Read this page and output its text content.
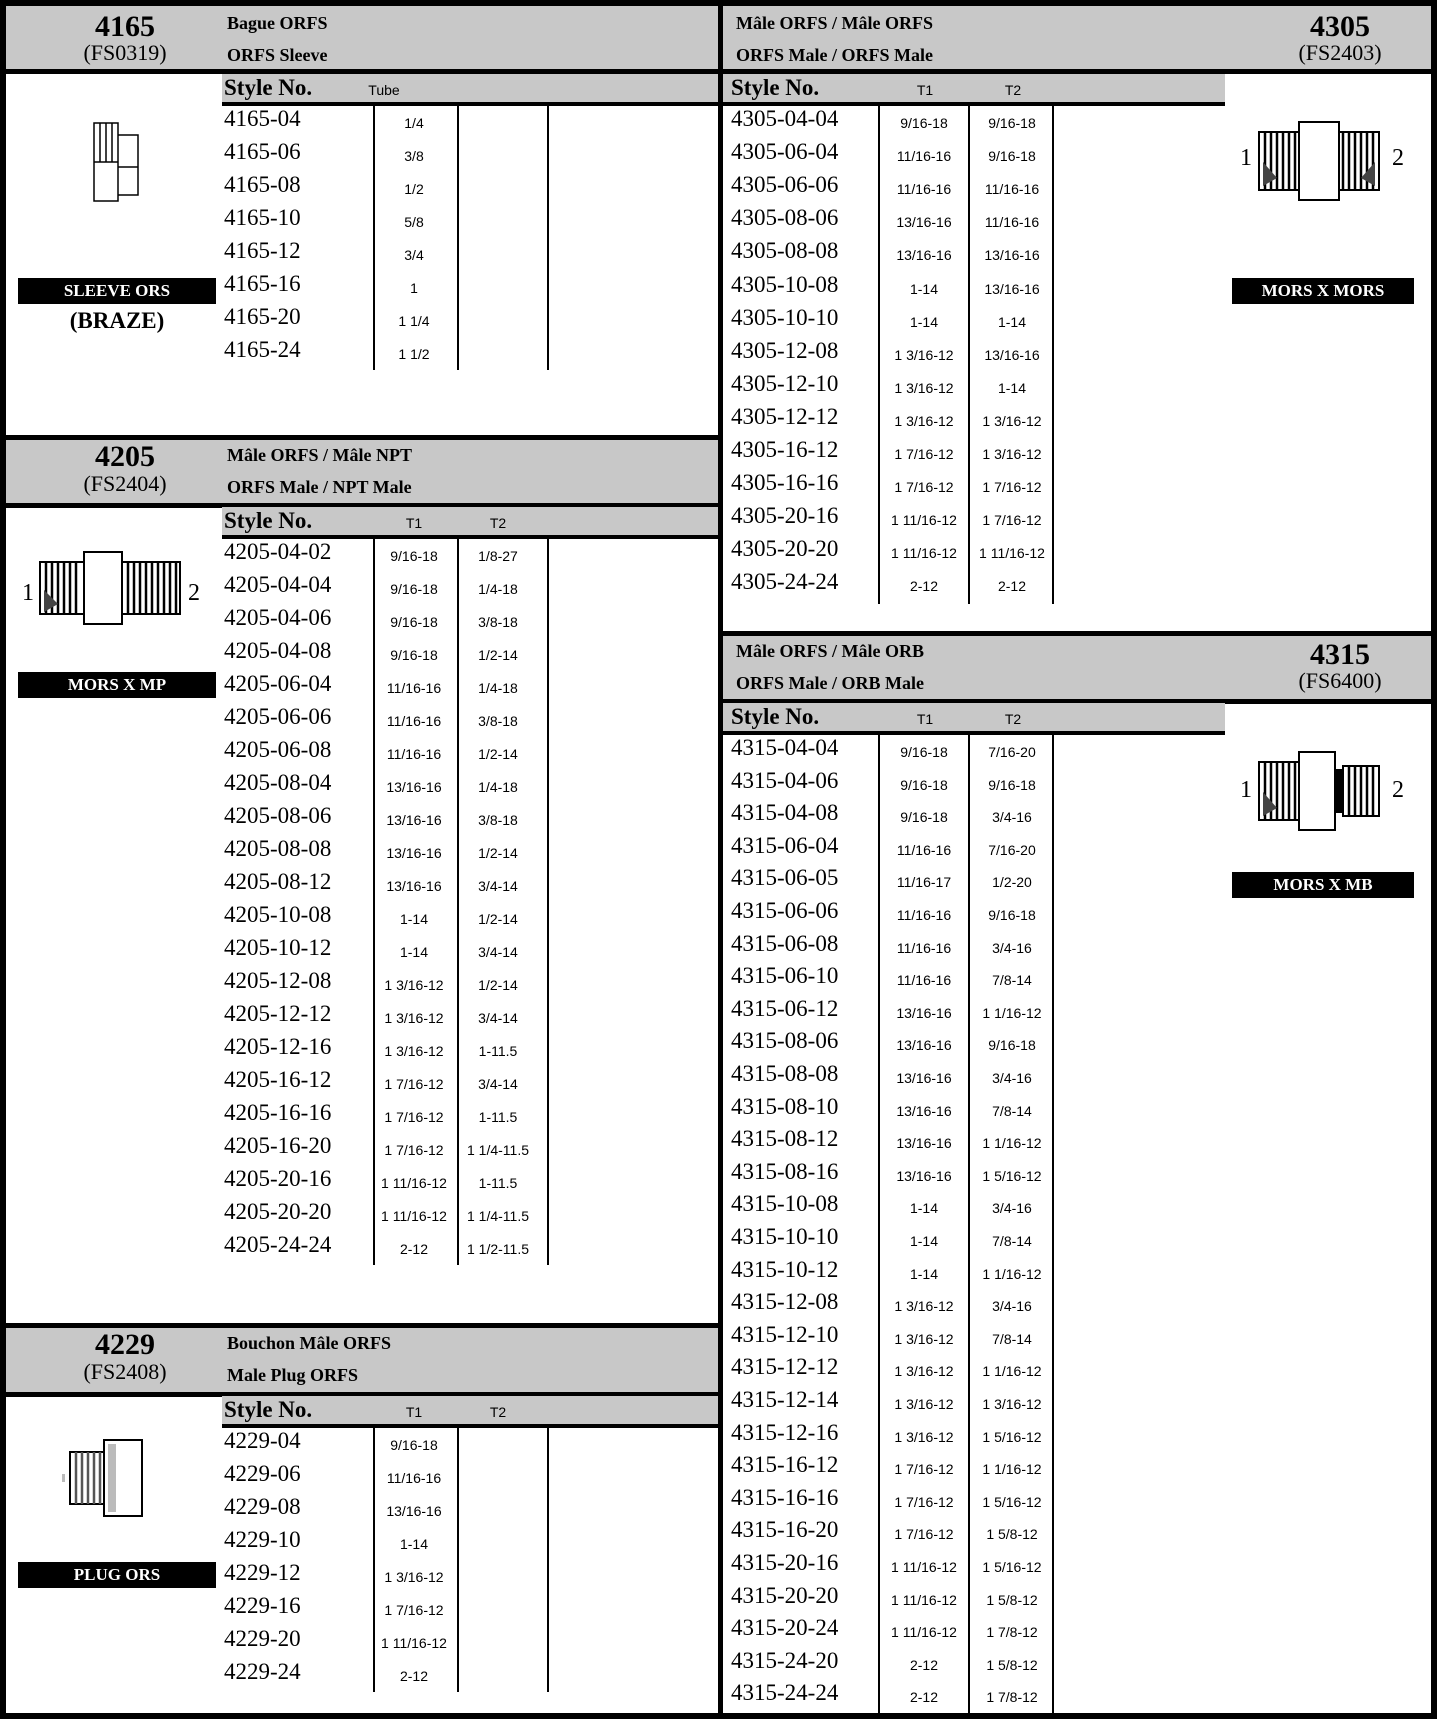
4165
(FS0319)
Bague ORFS
ORFS Sleeve
Style No.	Tube
4165-04	1/4
4165-06	3/8
4165-08	1/2
4165-10	5/8
4165-12	3/4
4165-16	1
4165-20	1 1/4
4165-24	1 1/2
SLEEVE ORS
(BRAZE)
4205
(FS2404)
Mâle ORFS / Mâle NPT
ORFS Male / NPT Male
Style No.	T1	T2
4205-04-02	9/16-18	1/8-27
4205-04-04	9/16-18	1/4-18
4205-04-06	9/16-18	3/8-18
4205-04-08	9/16-18	1/2-14
4205-06-04	11/16-16	1/4-18
4205-06-06	11/16-16	3/8-18
4205-06-08	11/16-16	1/2-14
4205-08-04	13/16-16	1/4-18
4205-08-06	13/16-16	3/8-18
4205-08-08	13/16-16	1/2-14
4205-08-12	13/16-16	3/4-14
4205-10-08	1-14	1/2-14
4205-10-12	1-14	3/4-14
4205-12-08	1 3/16-12	1/2-14
4205-12-12	1 3/16-12	3/4-14
4205-12-16	1 3/16-12	1-11.5
4205-16-12	1 7/16-12	3/4-14
4205-16-16	1 7/16-12	1-11.5
4205-16-20	1 7/16-12	1 1/4-11.5
4205-20-16	1 11/16-12	1-11.5
4205-20-20	1 11/16-12	1 1/4-11.5
4205-24-24	2-12	1 1/2-11.5
1	2
MORS X MP
4229
(FS2408)
Bouchon Mâle ORFS
Male Plug ORFS
Style No.	T1	T2
4229-04	9/16-18
4229-06	11/16-16
4229-08	13/16-16
4229-10	1-14
4229-12	1 3/16-12
4229-16	1 7/16-12
4229-20	1 11/16-12
4229-24	2-12
PLUG ORS
Mâle ORFS / Mâle ORFS
ORFS Male / ORFS Male
4305
(FS2403)
Style No.	T1	T2
4305-04-04	9/16-18	9/16-18
4305-06-04	11/16-16	9/16-18
4305-06-06	11/16-16	11/16-16
4305-08-06	13/16-16	11/16-16
4305-08-08	13/16-16	13/16-16
4305-10-08	1-14	13/16-16
4305-10-10	1-14	1-14
4305-12-08	1 3/16-12	13/16-16
4305-12-10	1 3/16-12	1-14
4305-12-12	1 3/16-12	1 3/16-12
4305-16-12	1 7/16-12	1 3/16-12
4305-16-16	1 7/16-12	1 7/16-12
4305-20-16	1 11/16-12	1 7/16-12
4305-20-20	1 11/16-12	1 11/16-12
4305-24-24	2-12	2-12
1	2
MORS X MORS
Mâle ORFS / Mâle ORB
ORFS Male / ORB Male
4315
(FS6400)
Style No.	T1	T2
4315-04-04	9/16-18	7/16-20
4315-04-06	9/16-18	9/16-18
4315-04-08	9/16-18	3/4-16
4315-06-04	11/16-16	7/16-20
4315-06-05	11/16-17	1/2-20
4315-06-06	11/16-16	9/16-18
4315-06-08	11/16-16	3/4-16
4315-06-10	11/16-16	7/8-14
4315-06-12	13/16-16	1 1/16-12
4315-08-06	13/16-16	9/16-18
4315-08-08	13/16-16	3/4-16
4315-08-10	13/16-16	7/8-14
4315-08-12	13/16-16	1 1/16-12
4315-08-16	13/16-16	1 5/16-12
4315-10-08	1-14	3/4-16
4315-10-10	1-14	7/8-14
4315-10-12	1-14	1 1/16-12
4315-12-08	1 3/16-12	3/4-16
4315-12-10	1 3/16-12	7/8-14
4315-12-12	1 3/16-12	1 1/16-12
4315-12-14	1 3/16-12	1 3/16-12
4315-12-16	1 3/16-12	1 5/16-12
4315-16-12	1 7/16-12	1 1/16-12
4315-16-16	1 7/16-12	1 5/16-12
4315-16-20	1 7/16-12	1 5/8-12
4315-20-16	1 11/16-12	1 5/16-12
4315-20-20	1 11/16-12	1 5/8-12
4315-20-24	1 11/16-12	1 7/8-12
4315-24-20	2-12	1 5/8-12
4315-24-24	2-12	1 7/8-12
1	2
MORS X MB
